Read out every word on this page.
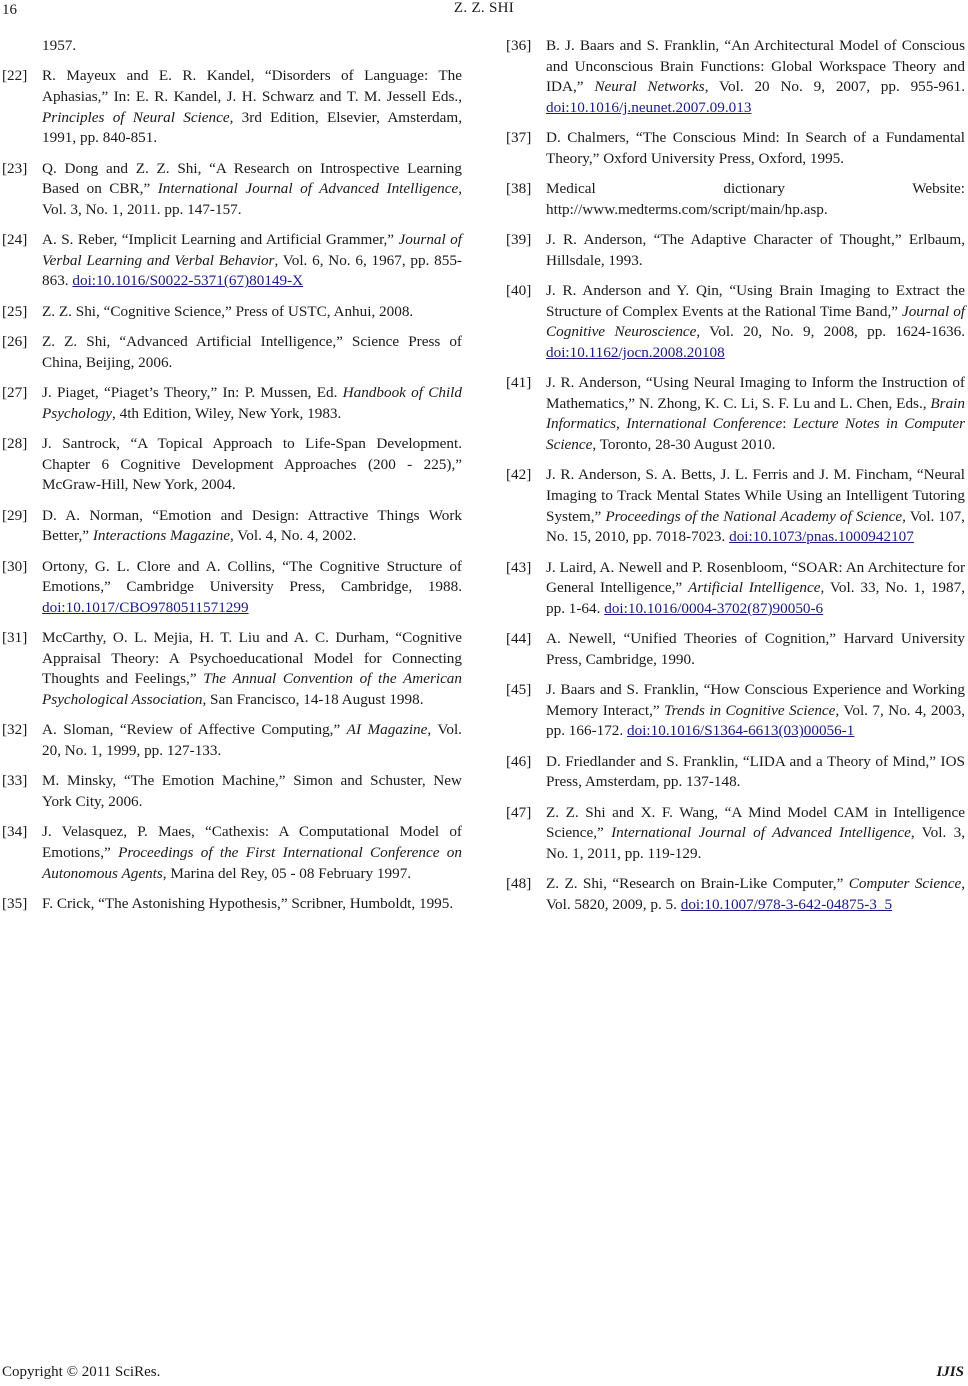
16	Z. Z. SHI
1957.
[22] R. Mayeux and E. R. Kandel, “Disorders of Language: The Aphasias,” In: E. R. Kandel, J. H. Schwarz and T. M. Jessell Eds., Principles of Neural Science, 3rd Edition, Elsevier, Amsterdam, 1991, pp. 840-851.
[23] Q. Dong and Z. Z. Shi, “A Research on Introspective Learning Based on CBR,” International Journal of Advanced Intelligence, Vol. 3, No. 1, 2011. pp. 147-157.
[24] A. S. Reber, “Implicit Learning and Artificial Grammer,” Journal of Verbal Learning and Verbal Behavior, Vol. 6, No. 6, 1967, pp. 855-863. doi:10.1016/S0022-5371(67)80149-X
[25] Z. Z. Shi, “Cognitive Science,” Press of USTC, Anhui, 2008.
[26] Z. Z. Shi, “Advanced Artificial Intelligence,” Science Press of China, Beijing, 2006.
[27] J. Piaget, “Piaget’s Theory,” In: P. Mussen, Ed. Handbook of Child Psychology, 4th Edition, Wiley, New York, 1983.
[28] J. Santrock, “A Topical Approach to Life-Span Development. Chapter 6 Cognitive Development Approaches (200 - 225),” McGraw-Hill, New York, 2004.
[29] D. A. Norman, “Emotion and Design: Attractive Things Work Better,” Interactions Magazine, Vol. 4, No. 4, 2002.
[30] Ortony, G. L. Clore and A. Collins, “The Cognitive Structure of Emotions,” Cambridge University Press, Cambridge, 1988. doi:10.1017/CBO9780511571299
[31] McCarthy, O. L. Mejia, H. T. Liu and A. C. Durham, “Cognitive Appraisal Theory: A Psychoeducational Model for Connecting Thoughts and Feelings,” The Annual Convention of the American Psychological Association, San Francisco, 14-18 August 1998.
[32] A. Sloman, “Review of Affective Computing,” AI Magazine, Vol. 20, No. 1, 1999, pp. 127-133.
[33] M. Minsky, “The Emotion Machine,” Simon and Schuster, New York City, 2006.
[34] J. Velasquez, P. Maes, “Cathexis: A Computational Model of Emotions,” Proceedings of the First International Conference on Autonomous Agents, Marina del Rey, 05 - 08 February 1997.
[35] F. Crick, “The Astonishing Hypothesis,” Scribner, Humboldt, 1995.
[36] B. J. Baars and S. Franklin, “An Architectural Model of Conscious and Unconscious Brain Functions: Global Workspace Theory and IDA,” Neural Networks, Vol. 20 No. 9, 2007, pp. 955-961. doi:10.1016/j.neunet.2007.09.013
[37] D. Chalmers, “The Conscious Mind: In Search of a Fundamental Theory,” Oxford University Press, Oxford, 1995.
[38] Medical dictionary Website: http://www.medterms.com/script/main/hp.asp.
[39] J. R. Anderson, “The Adaptive Character of Thought,” Erlbaum, Hillsdale, 1993.
[40] J. R. Anderson and Y. Qin, “Using Brain Imaging to Extract the Structure of Complex Events at the Rational Time Band,” Journal of Cognitive Neuroscience, Vol. 20, No. 9, 2008, pp. 1624-1636. doi:10.1162/jocn.2008.20108
[41] J. R. Anderson, “Using Neural Imaging to Inform the Instruction of Mathematics,” N. Zhong, K. C. Li, S. F. Lu and L. Chen, Eds., Brain Informatics, International Conference: Lecture Notes in Computer Science, Toronto, 28-30 August 2010.
[42] J. R. Anderson, S. A. Betts, J. L. Ferris and J. M. Fincham, “Neural Imaging to Track Mental States While Using an Intelligent Tutoring System,” Proceedings of the National Academy of Science, Vol. 107, No. 15, 2010, pp. 7018-7023. doi:10.1073/pnas.1000942107
[43] J. Laird, A. Newell and P. Rosenbloom, “SOAR: An Architecture for General Intelligence,” Artificial Intelligence, Vol. 33, No. 1, 1987, pp. 1-64. doi:10.1016/0004-3702(87)90050-6
[44] A. Newell, “Unified Theories of Cognition,” Harvard University Press, Cambridge, 1990.
[45] J. Baars and S. Franklin, “How Conscious Experience and Working Memory Interact,” Trends in Cognitive Science, Vol. 7, No. 4, 2003, pp. 166-172. doi:10.1016/S1364-6613(03)00056-1
[46] D. Friedlander and S. Franklin, “LIDA and a Theory of Mind,” IOS Press, Amsterdam, pp. 137-148.
[47] Z. Z. Shi and X. F. Wang, “A Mind Model CAM in Intelligence Science,” International Journal of Advanced Intelligence, Vol. 3, No. 1, 2011, pp. 119-129.
[48] Z. Z. Shi, “Research on Brain-Like Computer,” Computer Science, Vol. 5820, 2009, p. 5. doi:10.1007/978-3-642-04875-3_5
Copyright © 2011 SciRes.	IJIS
